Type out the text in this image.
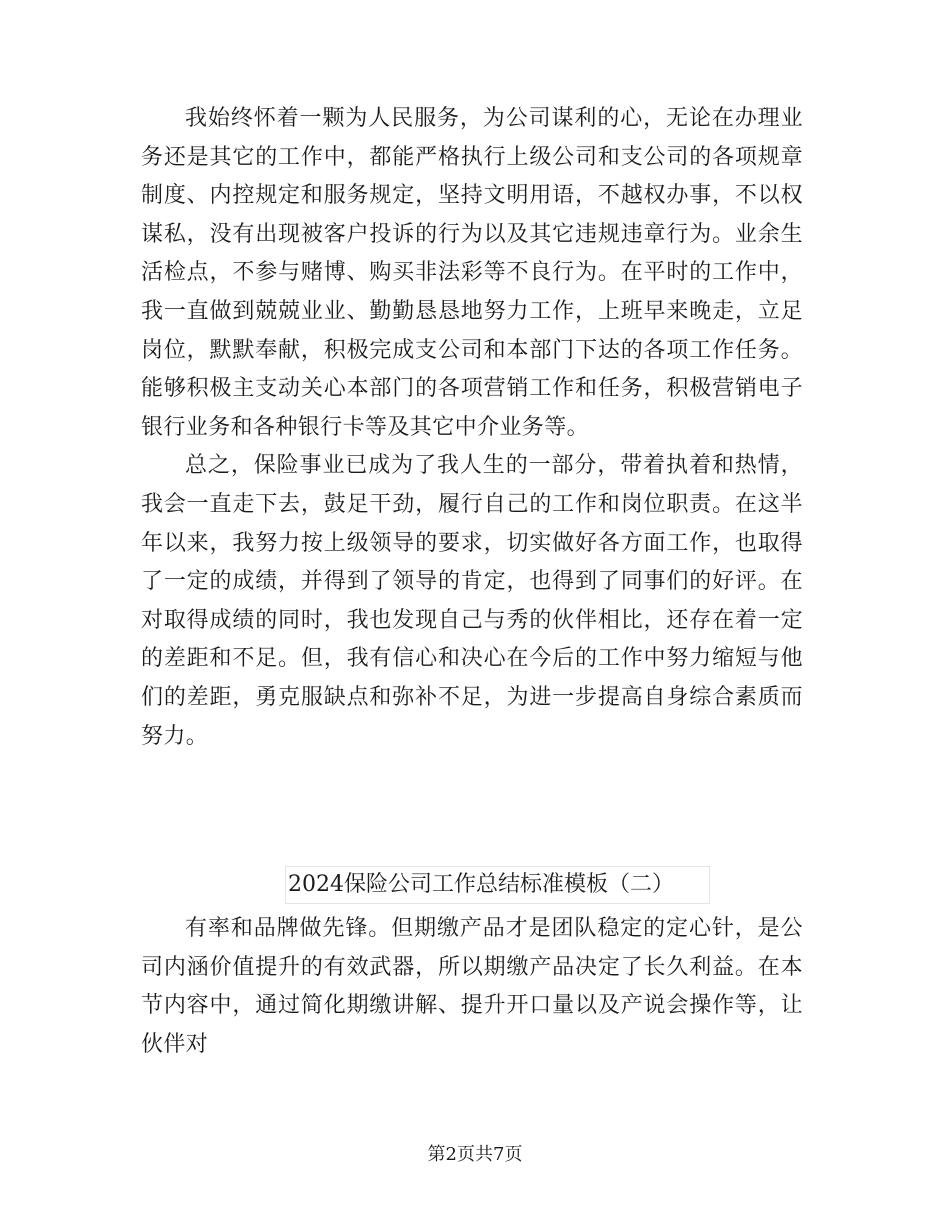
我始终怀着一颗为人民服务，为公司谋利的心，无论在办理业务还是其它的工作中，都能严格执行上级公司和支公司的各项规章制度、内控规定和服务规定，坚持文明用语，不越权办事，不以权谋私，没有出现被客户投诉的行为以及其它违规违章行为。业余生活检点，不参与赌博、购买非法彩等不良行为。在平时的工作中，我一直做到兢兢业业、勤勤恳恳地努力工作，上班早来晚走，立足岗位，默默奉献，积极完成支公司和本部门下达的各项工作任务。能够积极主支动关心本部门的各项营销工作和任务，积极营销电子银行业务和各种银行卡等及其它中介业务等。

总之，保险事业已成为了我人生的一部分，带着执着和热情，我会一直走下去，鼓足干劲，履行自己的工作和岗位职责。在这半年以来，我努力按上级领导的要求，切实做好各方面工作，也取得了一定的成绩，并得到了领导的肯定，也得到了同事们的好评。在对取得成绩的同时，我也发现自己与秀的伙伴相比，还存在着一定的差距和不足。但，我有信心和决心在今后的工作中努力缩短与他们的差距，勇克服缺点和弥补不足，为进一步提高自身综合素质而努力。

2024保险公司工作总结标准模板（二）

有率和品牌做先锋。但期缴产品才是团队稳定的定心针，是公司内涵价值提升的有效武器，所以期缴产品决定了长久利益。在本节内容中，通过简化期缴讲解、提升开口量以及产说会操作等，让伙伴对

第2页共7页
